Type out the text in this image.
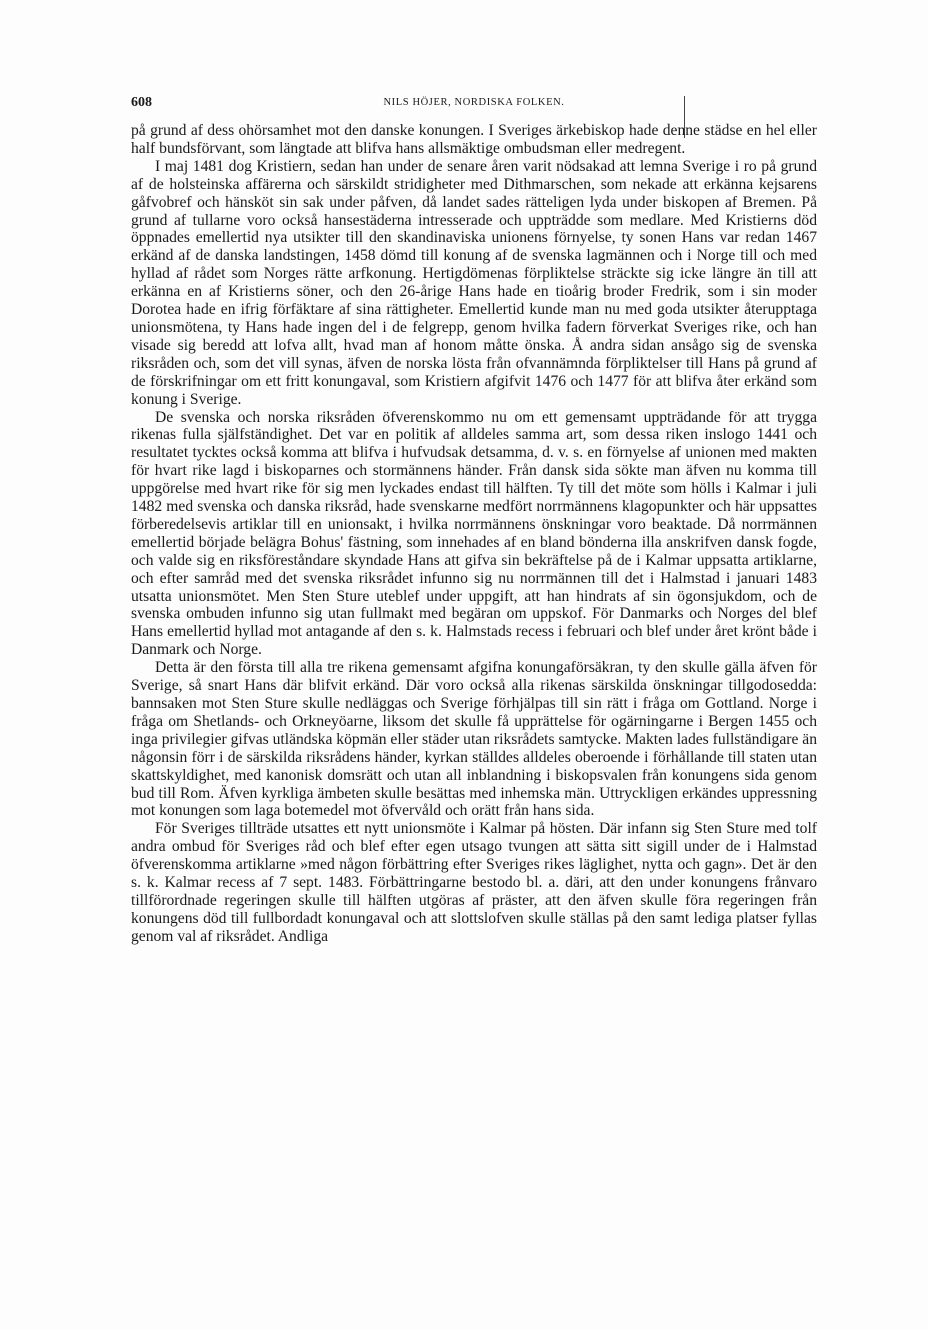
608	NILS HÖJER, NORDISKA FOLKEN.

på grund af dess ohörsamhet mot den danske konungen. I Sveriges ärkebiskop hade denne städse en hel eller half bundsförvant, som längtade att blifva hans allsmäktige ombudsman eller medregent.

I maj 1481 dog Kristiern, sedan han under de senare åren varit nödsakad att lemna Sverige i ro på grund af de holsteinska affärerna och särskildt stridigheter med Dithmarschen, som nekade att erkänna kejsarens gåfvobref och hänsköt sin sak under påfven, då landet sades rätteligen lyda under biskopen af Bremen. På grund af tullarne voro också hansestäderna intresserade och uppträdde som medlare. Med Kristierns död öppnades emellertid nya utsikter till den skandinaviska unionens förnyelse, ty sonen Hans var redan 1467 erkänd af de danska landstingen, 1458 dömd till konung af de svenska lagmännen och i Norge till och med hyllad af rådet som Norges rätte arfkonung. Hertigdömenas förpliktelse sträckte sig icke längre än till att erkänna en af Kristierns söner, och den 26-årige Hans hade en tioårig broder Fredrik, som i sin moder Dorotea hade en ifrig förfäktare af sina rättigheter. Emellertid kunde man nu med goda utsikter återupptaga unionsmötena, ty Hans hade ingen del i de felgrepp, genom hvilka fadern förverkat Sveriges rike, och han visade sig beredd att lofva allt, hvad man af honom måtte önska. Å andra sidan ansågo sig de svenska riksråden och, som det vill synas, äfven de norska lösta från ofvannämnda förpliktelser till Hans på grund af de förskrifningar om ett fritt konungaval, som Kristiern afgifvit 1476 och 1477 för att blifva åter erkänd som konung i Sverige.

De svenska och norska riksråden öfverenskommo nu om ett gemensamt uppträdande för att trygga rikenas fulla själfständighet. Det var en politik af alldeles samma art, som dessa riken inslogo 1441 och resultatet tycktes också komma att blifva i hufvudsak detsamma, d. v. s. en förnyelse af unionen med makten för hvart rike lagd i biskoparnes och stormännens händer. Från dansk sida sökte man äfven nu komma till uppgörelse med hvart rike för sig men lyckades endast till hälften. Ty till det möte som hölls i Kalmar i juli 1482 med svenska och danska riksråd, hade svenskarne medfört norrmännens klagopunkter och här uppsattes förberedelsevis artiklar till en unionsakt, i hvilka norrmännens önskningar voro beaktade. Då norrmännen emellertid började belägra Bohus' fästning, som innehades af en bland bönderna illa anskrifven dansk fogde, och valde sig en riksföreståndare skyndade Hans att gifva sin bekräftelse på de i Kalmar uppsatta artiklarne, och efter samråd med det svenska riksrådet infunno sig nu norrmännen till det i Halmstad i januari 1483 utsatta unionsmötet. Men Sten Sture uteblef under uppgift, att han hindrats af sin ögonsjukdom, och de svenska ombuden infunno sig utan fullmakt med begäran om uppskof. För Danmarks och Norges del blef Hans emellertid hyllad mot antagande af den s. k. Halmstads recess i februari och blef under året krönt både i Danmark och Norge.

Detta är den första till alla tre rikena gemensamt afgifna konungaförsäkran, ty den skulle gälla äfven för Sverige, så snart Hans där blifvit erkänd. Där voro också alla rikenas särskilda önskningar tillgodosedda: bannsaken mot Sten Sture skulle nedläggas och Sverige förhjälpas till sin rätt i fråga om Gottland. Norge i fråga om Shetlands- och Orkneyöarne, liksom det skulle få upprättelse för ogärningarne i Bergen 1455 och inga privilegier gifvas utländska köpmän eller städer utan riksrådets samtycke. Makten lades fullständigare än någonsin förr i de särskilda riksrådens händer, kyrkan ställdes alldeles oberoende i förhållande till staten utan skattskyldighet, med kanonisk domsrätt och utan all inblandning i biskopsvalen från konungens sida genom bud till Rom. Äfven kyrkliga ämbeten skulle besättas med inhemska män. Uttryckligen erkändes uppressning mot konungen som laga botemedel mot öfvervåld och orätt från hans sida.

För Sveriges tillträde utsattes ett nytt unionsmöte i Kalmar på hösten. Där infann sig Sten Sture med tolf andra ombud för Sveriges råd och blef efter egen utsago tvungen att sätta sitt sigill under de i Halmstad öfverenskomma artiklarne »med någon förbättring efter Sveriges rikes läglighet, nytta och gagn». Det är den s. k. Kalmar recess af 7 sept. 1483. Förbättringarne bestodo bl. a. däri, att den under konungens frånvaro tillförordnade regeringen skulle till hälften utgöras af präster, att den äfven skulle föra regeringen från konungens död till fullbordadt konungaval och att slottslofven skulle ställas på den samt lediga platser fyllas genom val af riksrådet. Andliga
